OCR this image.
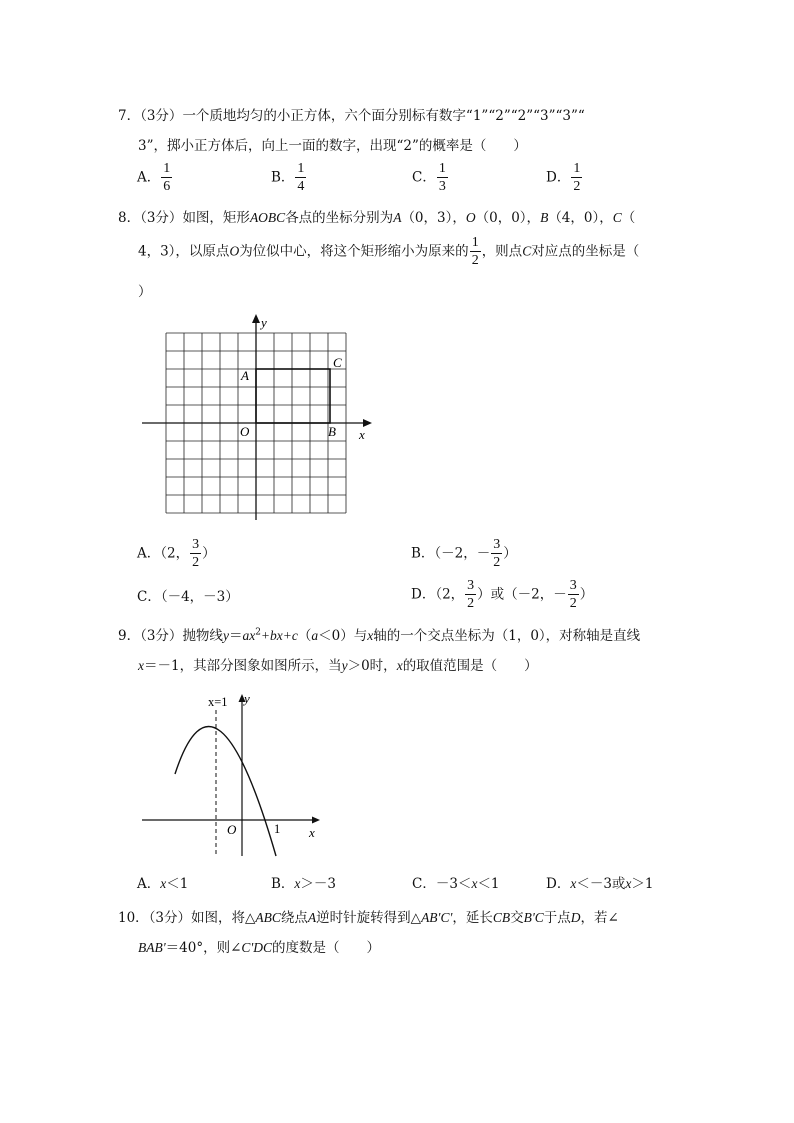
7．（3分）一个质地均匀的小正方体，六个面分别标有数字“1”“2”“2”“3”“3”“
3”，掷小正方体后，向上一面的数字，出现“2”的概率是（　　）
A． $\frac{1}{6}$	B． $\frac{1}{4}$	C． $\frac{1}{3}$	D． $\frac{1}{2}$
8．（3分）如图，矩形AOBC各点的坐标分别为A（0，3），O（0，0），B（4，0），C（
4，3），以原点O为位似中心，将这个矩形缩小为原来的 $\frac{1}{2}$ ，则点C对应点的坐标是（
）
y
x
A
C
O	B
A．（2， $\frac{3}{2}$ ）	B．（－2，－ $\frac{3}{2}$ ）
C．（－4，－3）	D．（2， $\frac{3}{2}$ ）或（－2，－ $\frac{3}{2}$ ）
9．（3分）抛物线$y=ax^2+bx+c(a<0)$与x轴的一个交点坐标为（1，0），对称轴是直线
x＝－1，其部分图象如图所示，当y＞0时，x的取值范围是（　　）
x=1 y
O	1 x
A．x＜1	B．x＞－3	C．－3＜x＜1	D．x＜－3或x＞1
10．（3分）如图，将△ABC绕点A逆时针旋转得到△AB'C'，延长CB交B'C于点D，若∠
BAB'＝40°，则∠C'DC的度数是（　　）
